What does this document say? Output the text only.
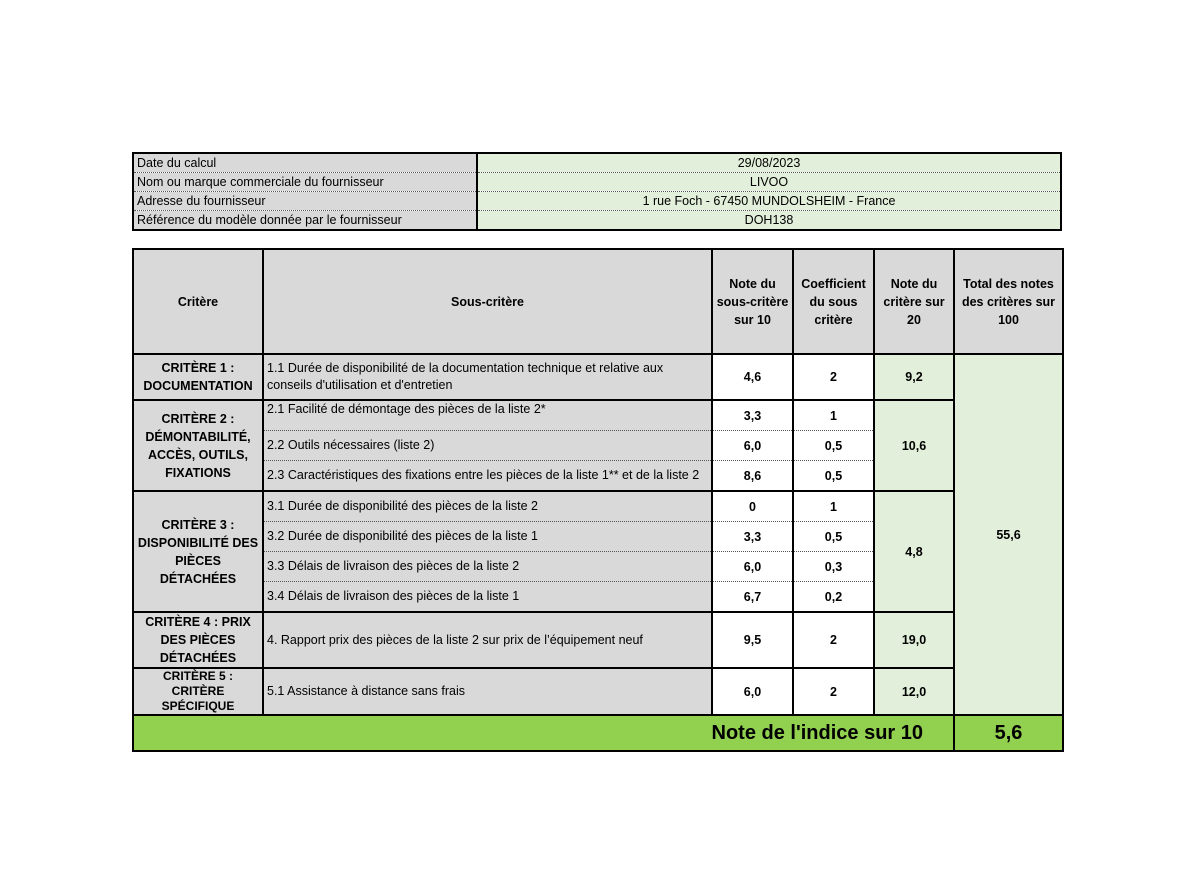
Date du calcul	29/08/2023
Nom ou marque commerciale du fournisseur	LIVOO
Adresse du fournisseur	1 rue Foch - 67450 MUNDOLSHEIM - France
Référence du modèle donnée par le fournisseur	DOH138
Critère	Sous-critère	Note du sous-critère sur 10	Coefficient du sous critère	Note du critère sur 20	Total des notes des critères sur 100
CRITÈRE 1 : DOCUMENTATION	1.1 Durée de disponibilité de la documentation technique et relative aux conseils d'utilisation et d'entretien	4,6	2	9,2	55,6
CRITÈRE 2 : DÉMONTABILITÉ, ACCÈS, OUTILS, FIXATIONS	2.1 Facilité de démontage des pièces de la liste 2*	3,3	1	10,6	
	2.2 Outils nécessaires (liste 2)	6,0	0,5		
	2.3 Caractéristiques des fixations entre les pièces de la liste 1** et de la liste 2	8,6	0,5		
CRITÈRE 3 : DISPONIBILITÉ DES PIÈCES DÉTACHÉES	3.1 Durée de disponibilité des pièces de la liste 2	0	1	4,8	
	3.2 Durée de disponibilité des pièces de la liste 1	3,3	0,5		
	3.3 Délais de livraison des pièces de la liste 2	6,0	0,3		
	3.4 Délais de livraison des pièces de la liste 1	6,7	0,2		
CRITÈRE 4 : PRIX DES PIÈCES DÉTACHÉES	4. Rapport prix des pièces de la liste 2 sur prix de l’équipement neuf	9,5	2	19,0	
CRITÈRE 5 : CRITÈRE SPÉCIFIQUE	5.1 Assistance à distance sans frais	6,0	2	12,0	
Note de l'indice sur 10					5,6
